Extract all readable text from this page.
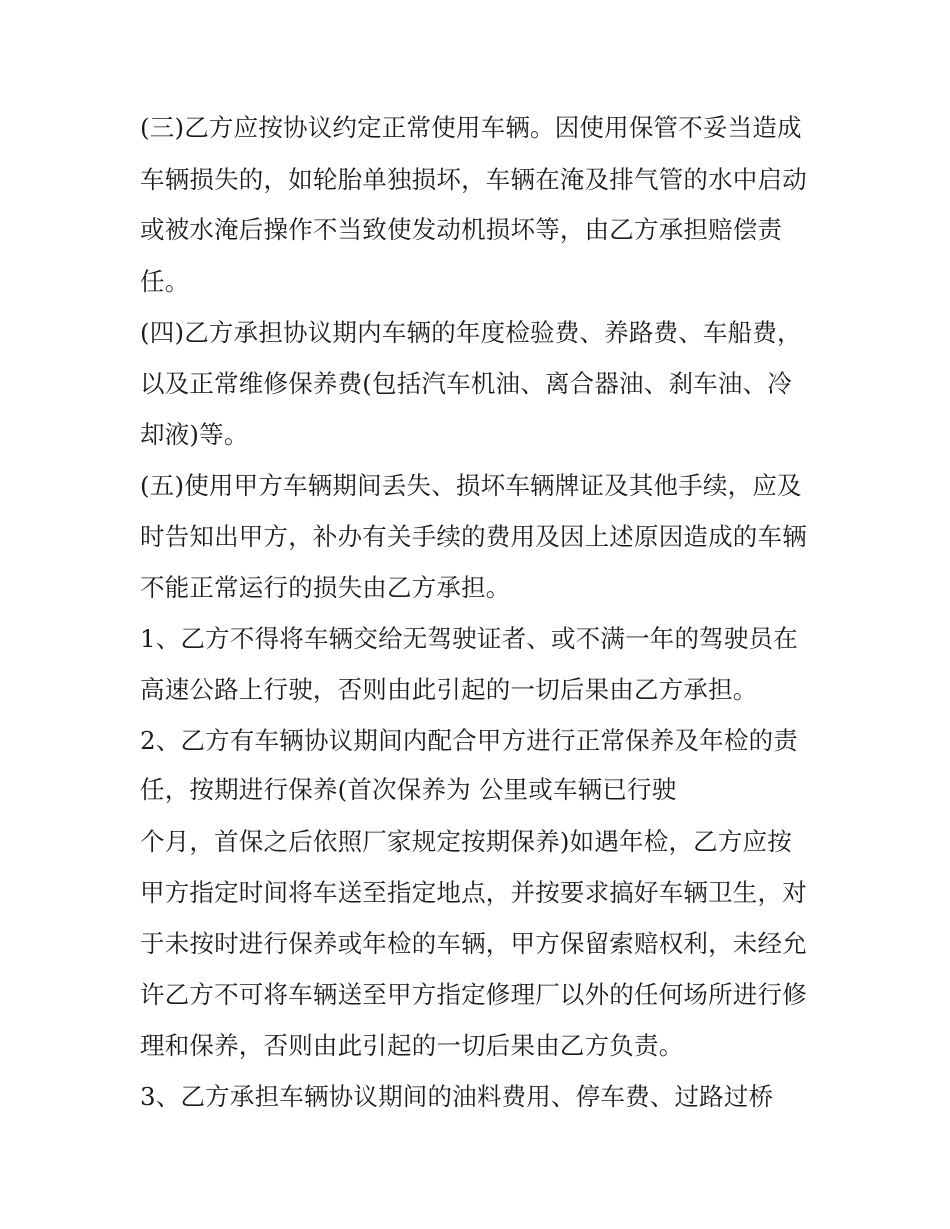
(三)乙方应按协议约定正常使用车辆。因使用保管不妥当造成
车辆损失的，如轮胎单独损坏，车辆在淹及排气管的水中启动
或被水淹后操作不当致使发动机损坏等，由乙方承担赔偿责
任。
(四)乙方承担协议期内车辆的年度检验费、养路费、车船费，
以及正常维修保养费(包括汽车机油、离合器油、刹车油、冷
却液)等。
(五)使用甲方车辆期间丢失、损坏车辆牌证及其他手续，应及
时告知出甲方，补办有关手续的费用及因上述原因造成的车辆
不能正常运行的损失由乙方承担。
1、乙方不得将车辆交给无驾驶证者、或不满一年的驾驶员在
高速公路上行驶，否则由此引起的一切后果由乙方承担。
2、乙方有车辆协议期间内配合甲方进行正常保养及年检的责
任，按期进行保养(首次保养为 公里或车辆已行驶
个月，首保之后依照厂家规定按期保养)如遇年检，乙方应按
甲方指定时间将车送至指定地点，并按要求搞好车辆卫生，对
于未按时进行保养或年检的车辆，甲方保留索赔权利，未经允
许乙方不可将车辆送至甲方指定修理厂以外的任何场所进行修
理和保养，否则由此引起的一切后果由乙方负责。
3、乙方承担车辆协议期间的油料费用、停车费、过路过桥
